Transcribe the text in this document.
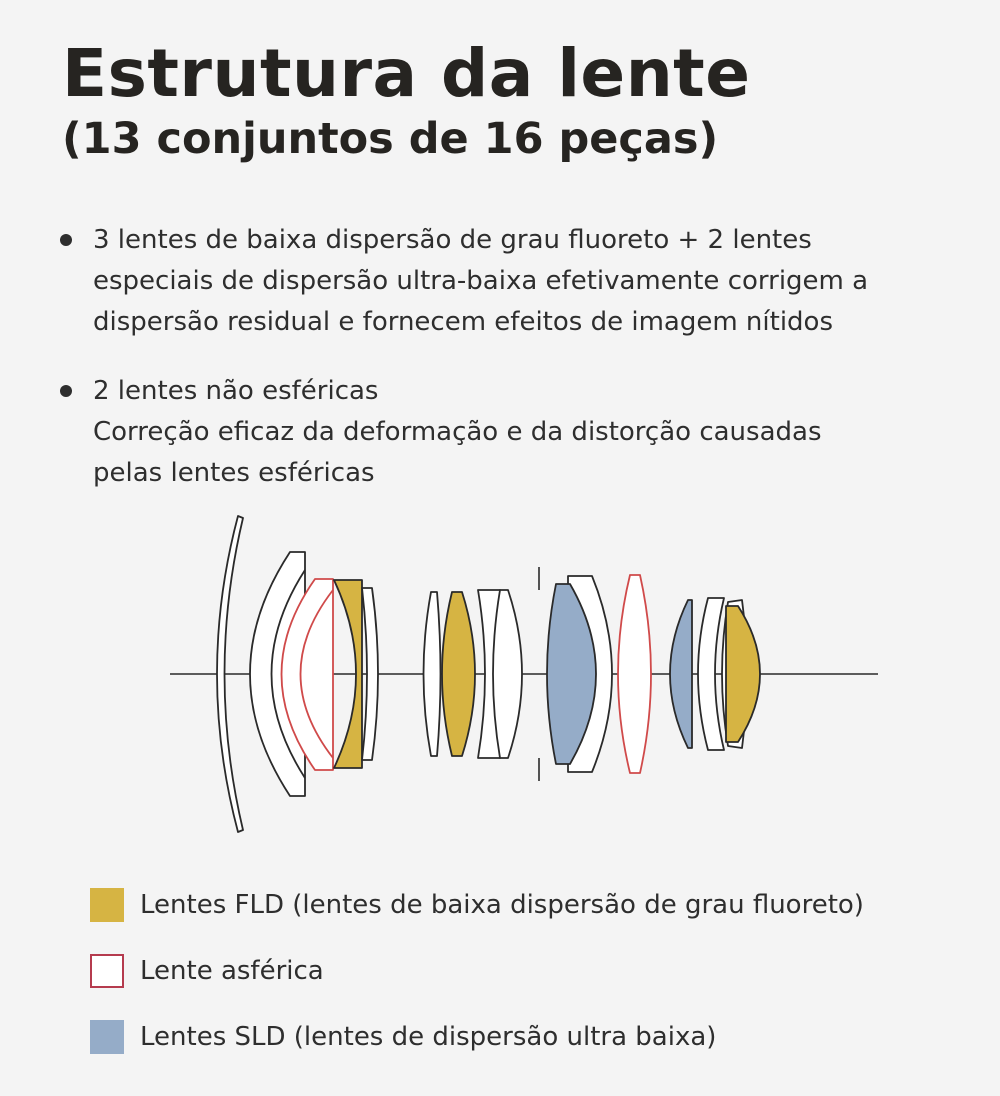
Estrutura da lente
(13 conjuntos de 16 peças)
3 lentes de baixa dispersão de grau fluoreto + 2 lentes
especiais de dispersão ultra-baixa efetivamente corrigem a
dispersão residual e fornecem efeitos de imagem nítidos
2 lentes não esféricas
Correção eficaz da deformação e da distorção causadas
pelas lentes esféricas
Lentes FLD (lentes de baixa dispersão de grau fluoreto)
Lente asférica
Lentes SLD (lentes de dispersão ultra baixa)
